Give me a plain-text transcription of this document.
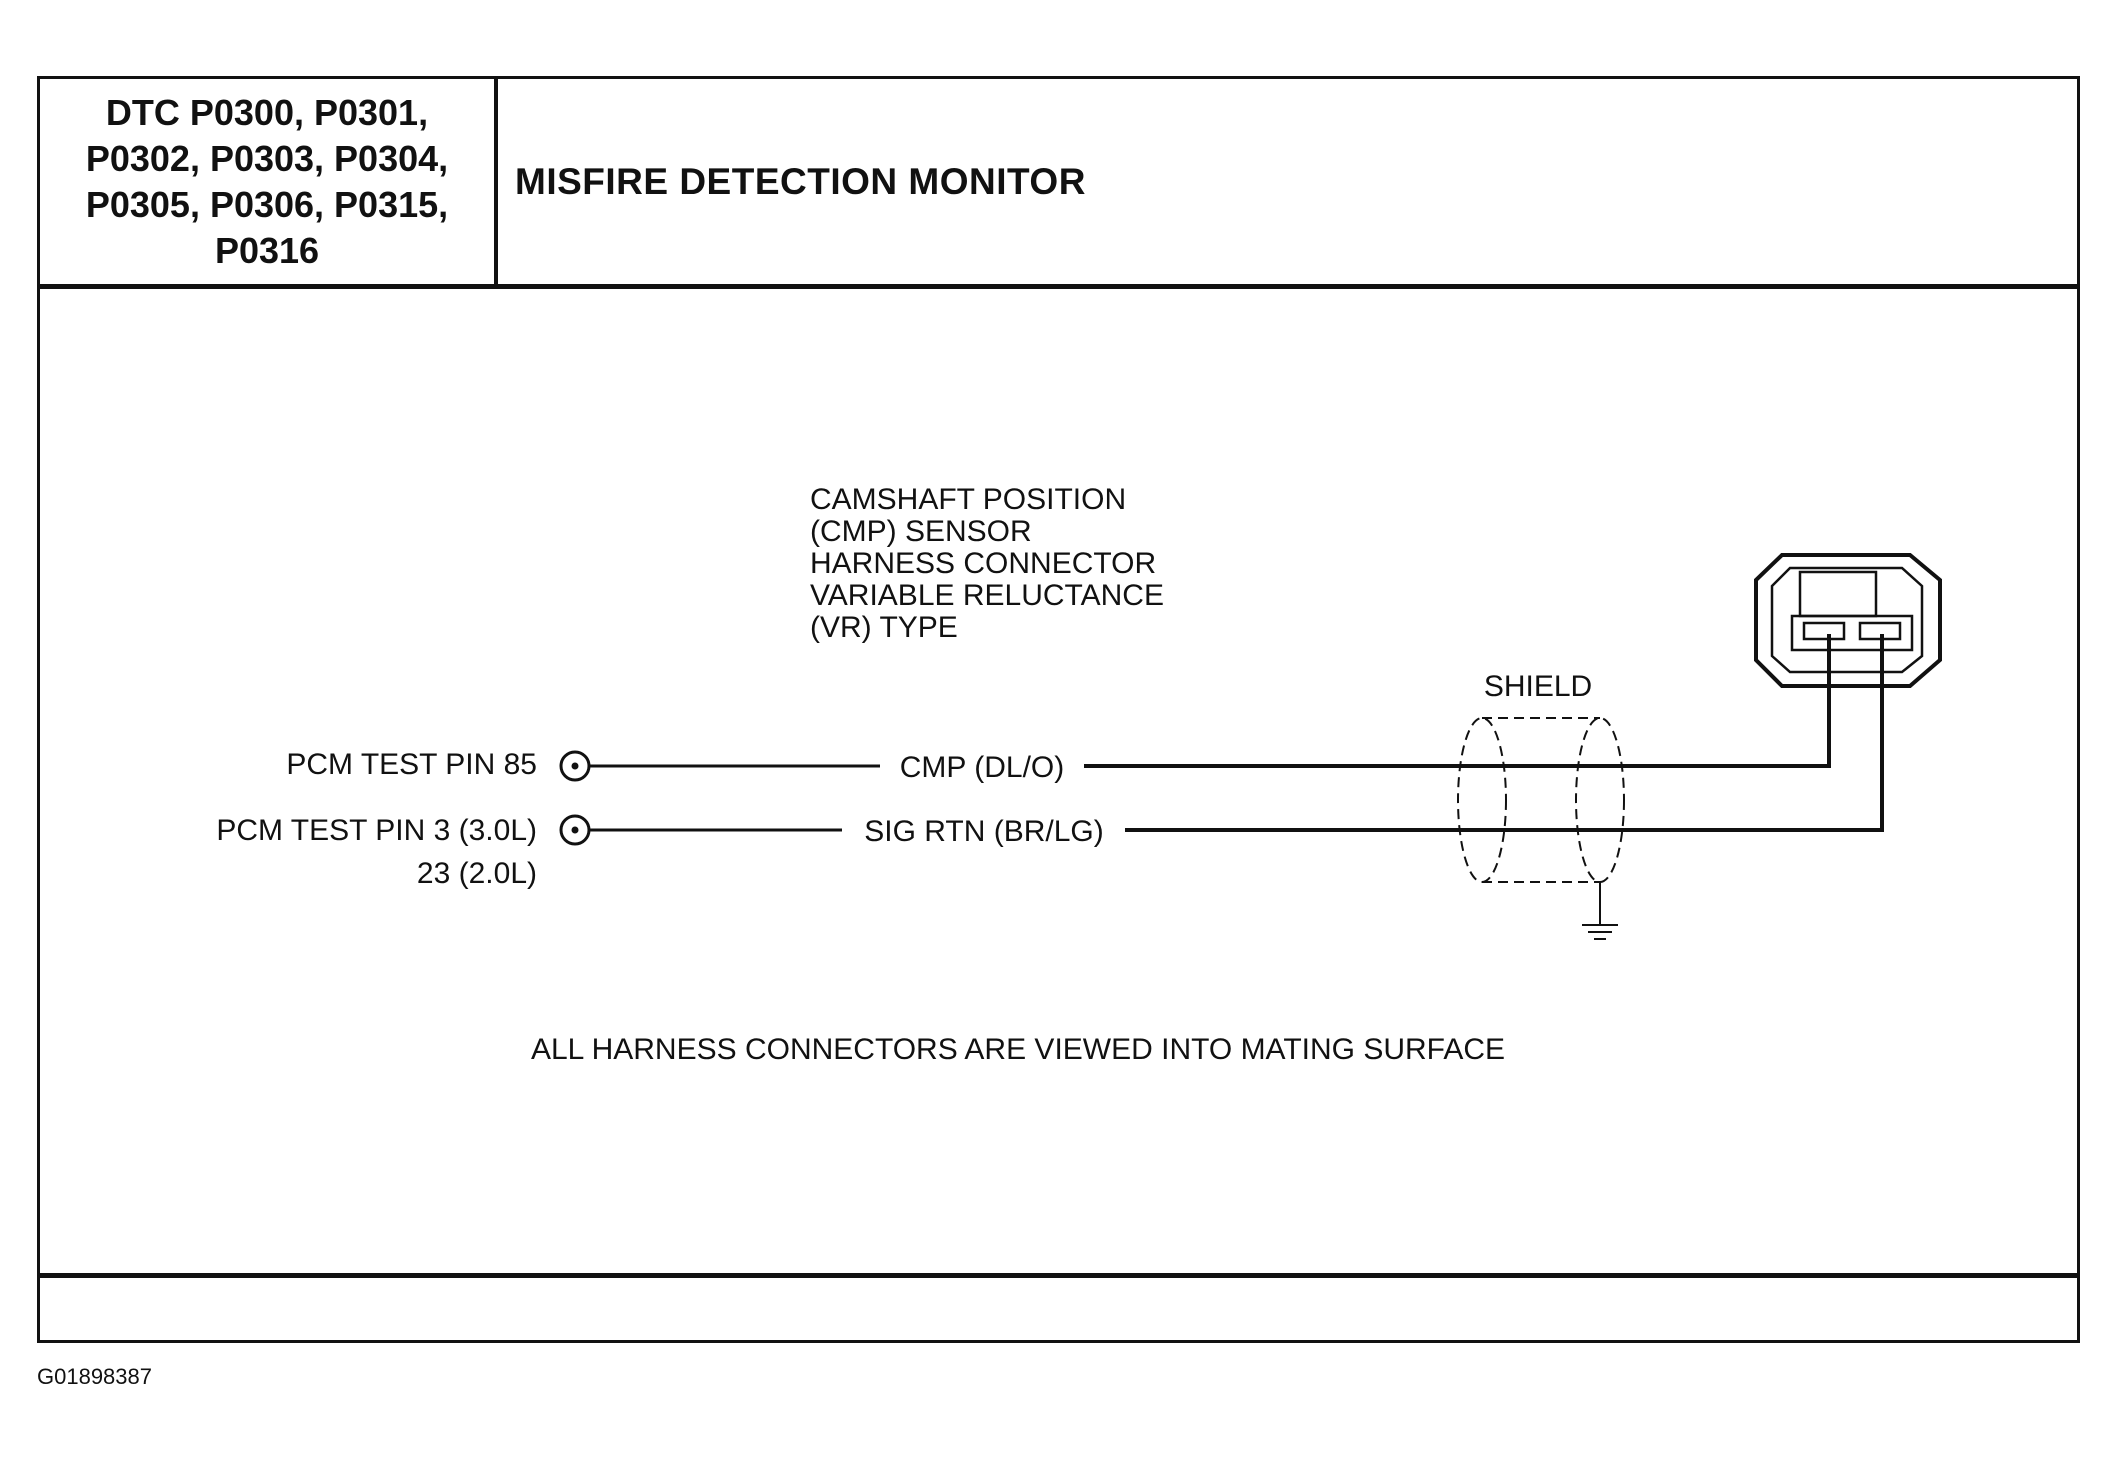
DTC P0300, P0301,
P0302, P0303, P0304,
P0305, P0306, P0315,
P0316
MISFIRE DETECTION MONITOR
CAMSHAFT POSITION (CMP) SENSOR HARNESS CONNECTOR VARIABLE RELUCTANCE (VR) TYPE
PCM TEST PIN 85
PCM TEST PIN 3 (3.0L)
23 (2.0L)
CMP (DL/O)
SIG RTN (BR/LG)
SHIELD
ALL HARNESS CONNECTORS ARE VIEWED INTO MATING SURFACE
G01898387
